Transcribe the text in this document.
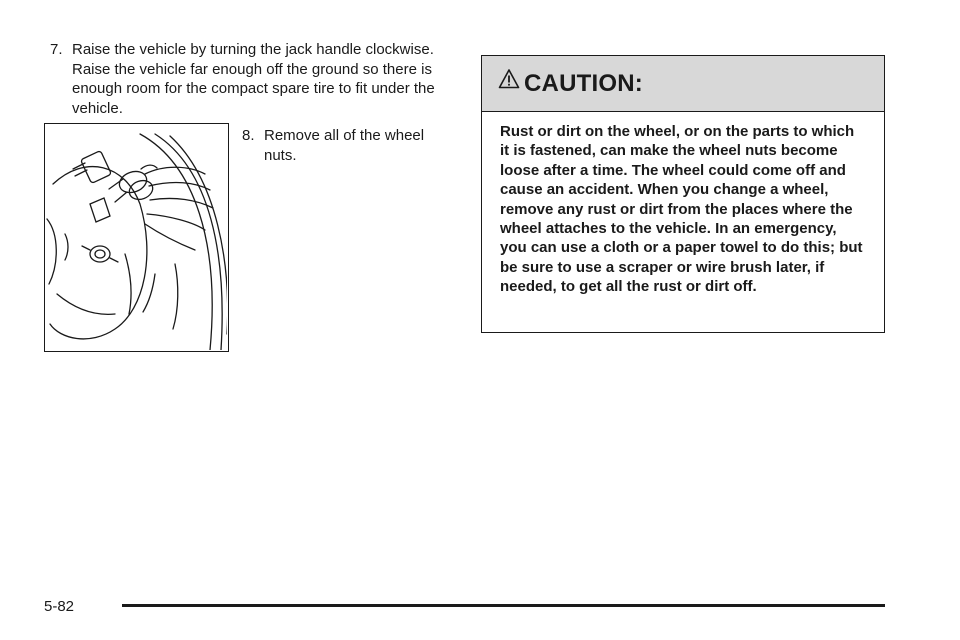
7. Raise the vehicle by turning the jack handle clockwise. Raise the vehicle far enough off the ground so there is enough room for the compact spare tire to fit under the vehicle.

8. Remove all of the wheel nuts.

CAUTION:
Rust or dirt on the wheel, or on the parts to which it is fastened, can make the wheel nuts become loose after a time. The wheel could come off and cause an accident. When you change a wheel, remove any rust or dirt from the places where the wheel attaches to the vehicle. In an emergency, you can use a cloth or a paper towel to do this; but be sure to use a scraper or wire brush later, if needed, to get all the rust or dirt off.
5-82
